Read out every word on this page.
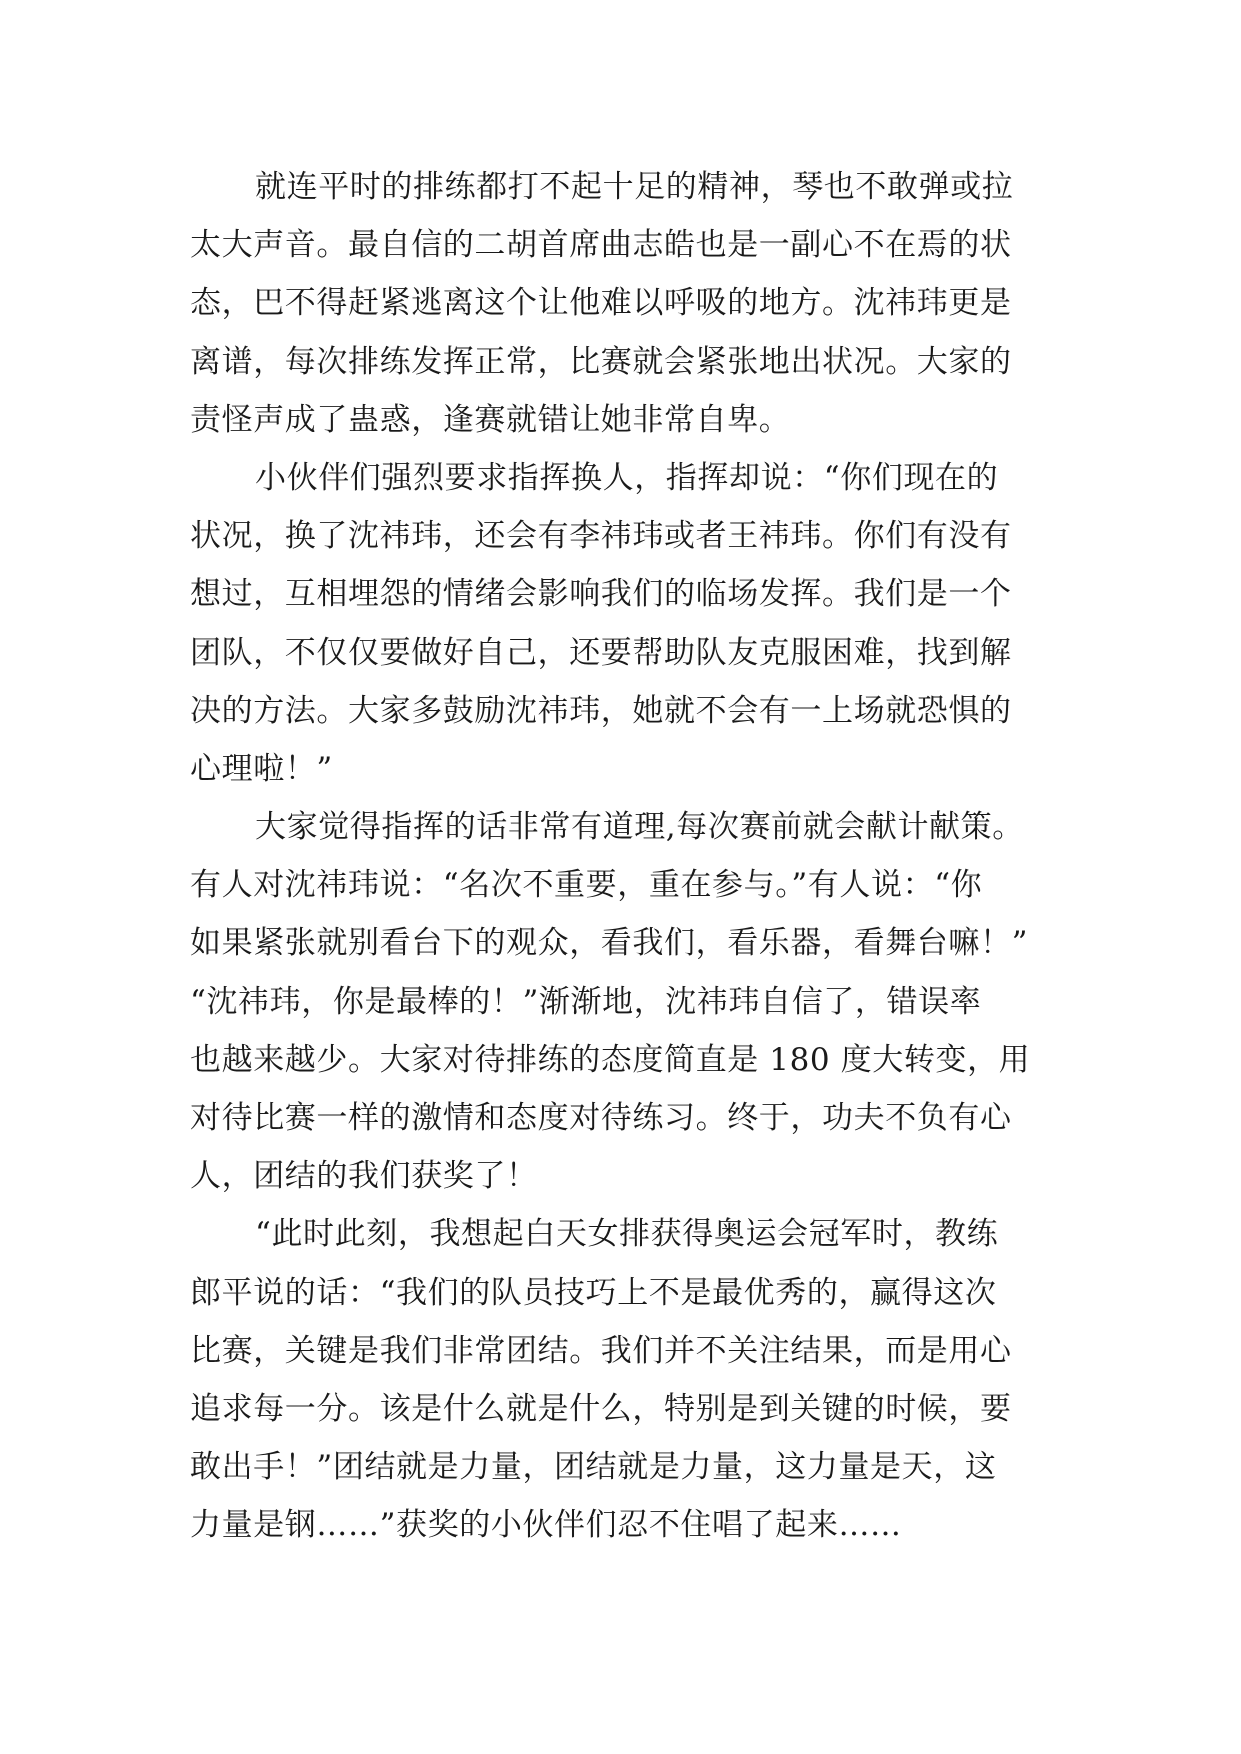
就连平时的排练都打不起十足的精神，琴也不敢弹或拉
太大声音。最自信的二胡首席曲志皓也是一副心不在焉的状
态，巴不得赶紧逃离这个让他难以呼吸的地方。沈祎玮更是
离谱，每次排练发挥正常，比赛就会紧张地出状况。大家的
责怪声成了蛊惑，逢赛就错让她非常自卑。
小伙伴们强烈要求指挥换人，指挥却说：“你们现在的
状况，换了沈祎玮，还会有李祎玮或者王祎玮。你们有没有
想过，互相埋怨的情绪会影响我们的临场发挥。我们是一个
团队，不仅仅要做好自己，还要帮助队友克服困难，找到解
决的方法。大家多鼓励沈祎玮，她就不会有一上场就恐惧的
心理啦！”
大家觉得指挥的话非常有道理,每次赛前就会献计献策。
有人对沈祎玮说：“名次不重要，重在参与。”有人说：“你
如果紧张就别看台下的观众，看我们，看乐器，看舞台嘛！”
“沈祎玮，你是最棒的！”渐渐地，沈祎玮自信了，错误率
也越来越少。大家对待排练的态度简直是 180 度大转变，用
对待比赛一样的激情和态度对待练习。终于，功夫不负有心
人，团结的我们获奖了！
“此时此刻，我想起白天女排获得奥运会冠军时，教练
郎平说的话：“我们的队员技巧上不是最优秀的，赢得这次
比赛，关键是我们非常团结。我们并不关注结果，而是用心
追求每一分。该是什么就是什么，特别是到关键的时候，要
敢出手！”团结就是力量，团结就是力量，这力量是天，这
力量是钢……”获奖的小伙伴们忍不住唱了起来……
